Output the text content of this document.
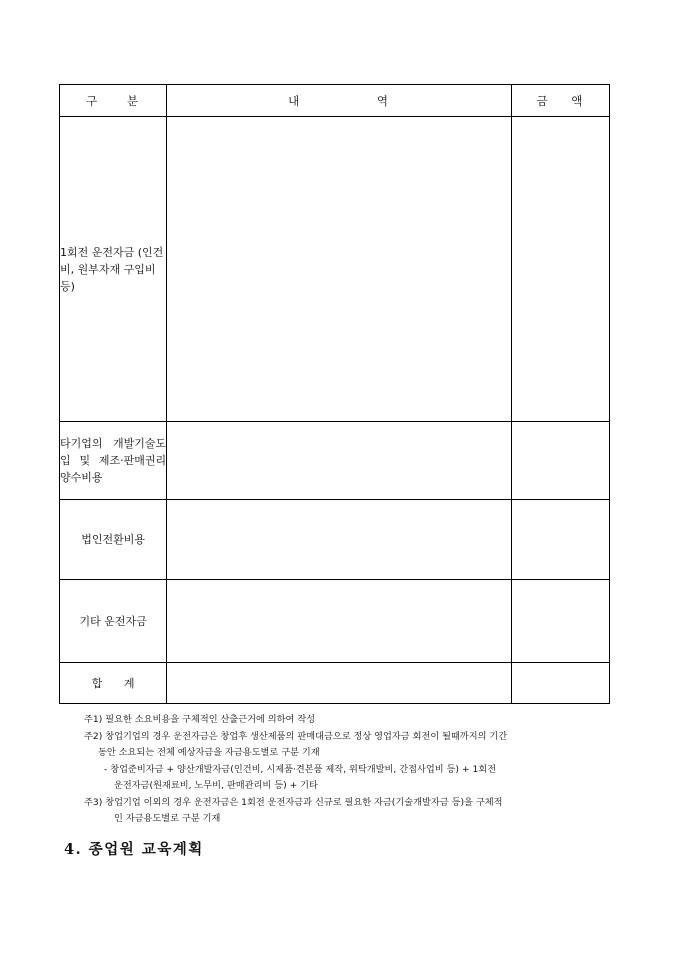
구 분	내 역	금 액
1회전 운전자금 (인건비, 원부자재 구입비 등)		
타기업의 개발기술도입 및 제조·판매권리 양수비용		
법인전환비용		
기타 운전자금		
합 계		
주1) 필요한 소요비용을 구체적인 산출근거에 의하여 작성
주2) 창업기업의 경우 운전자금은 창업후 생산제품의 판매대금으로 정상 영업자금 회전이 될때까지의 기간
동안 소요되는 전체 예상자금을 자금용도별로 구분 기재
- 창업준비자금 + 양산개발자금(인건비, 시제품·견본품 제작, 위탁개발비, 간접사업비 등) + 1회전
운전자금(원재료비, 노무비, 판매관리비 등) + 기타
주3) 창업기업 이외의 경우 운전자금은 1회전 운전자금과 신규로 필요한 자금(기술개발자금 등)을 구체적
인 자금용도별로 구분 기재
4. 종업원 교육계획
